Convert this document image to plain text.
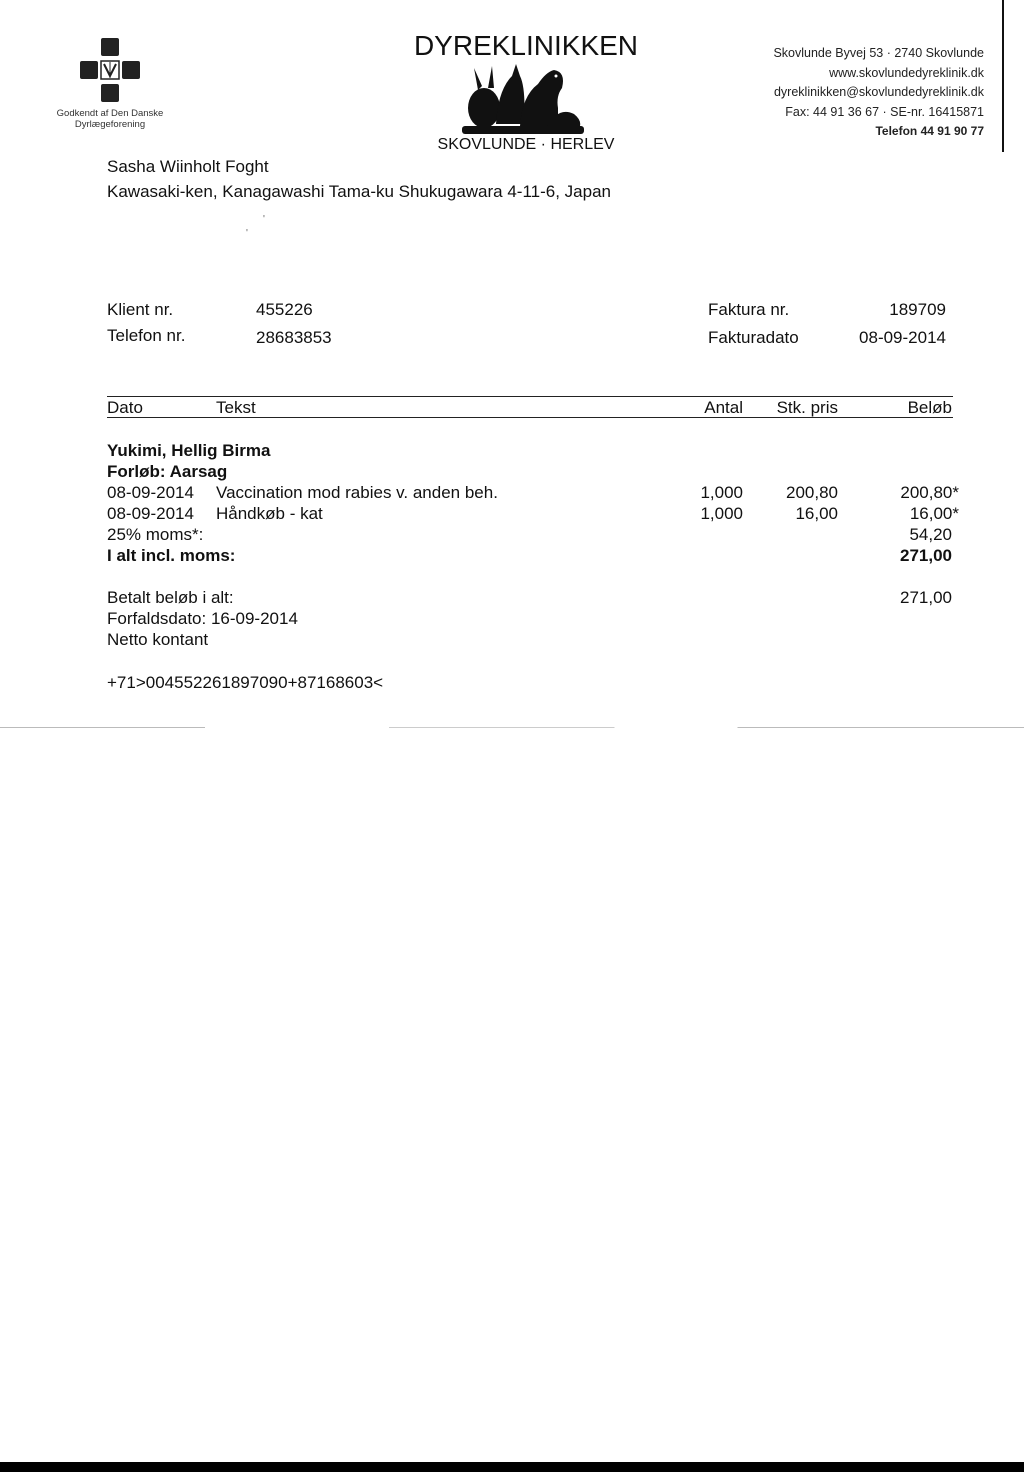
Godkendt af Den Danske
Dyrlægeforening
DYREKLINIKKEN
SKOVLUNDE · HERLEV
Skovlunde Byvej 53 · 2740 Skovlunde
www.skovlundedyreklinik.dk
dyreklinikken@skovlundedyreklinik.dk
Fax: 44 91 36 67 · SE-nr. 16415871
Telefon 44 91 90 77
Sasha Wiinholt Foght
Kawasaki-ken, Kanagawashi Tama-ku Shukugawara 4-11-6, Japan
'
'
Klient nr.	455226
Telefon nr.	28683853
Faktura nr.	189709
Fakturadato	08-09-2014
Dato	Tekst	Antal	Stk. pris	Beløb
Yukimi, Hellig Birma
Forløb: Aarsag
08-09-2014 Vaccination mod rabies v. anden beh.	1,000	200,80	200,80*
08-09-2014 Håndkøb - kat	1,000	16,00	16,00*
25% moms*:	54,20
I alt incl. moms:	271,00
Betalt beløb i alt:	271,00
Forfaldsdato: 16-09-2014
Netto kontant
+71>004552261897090+87168603<
